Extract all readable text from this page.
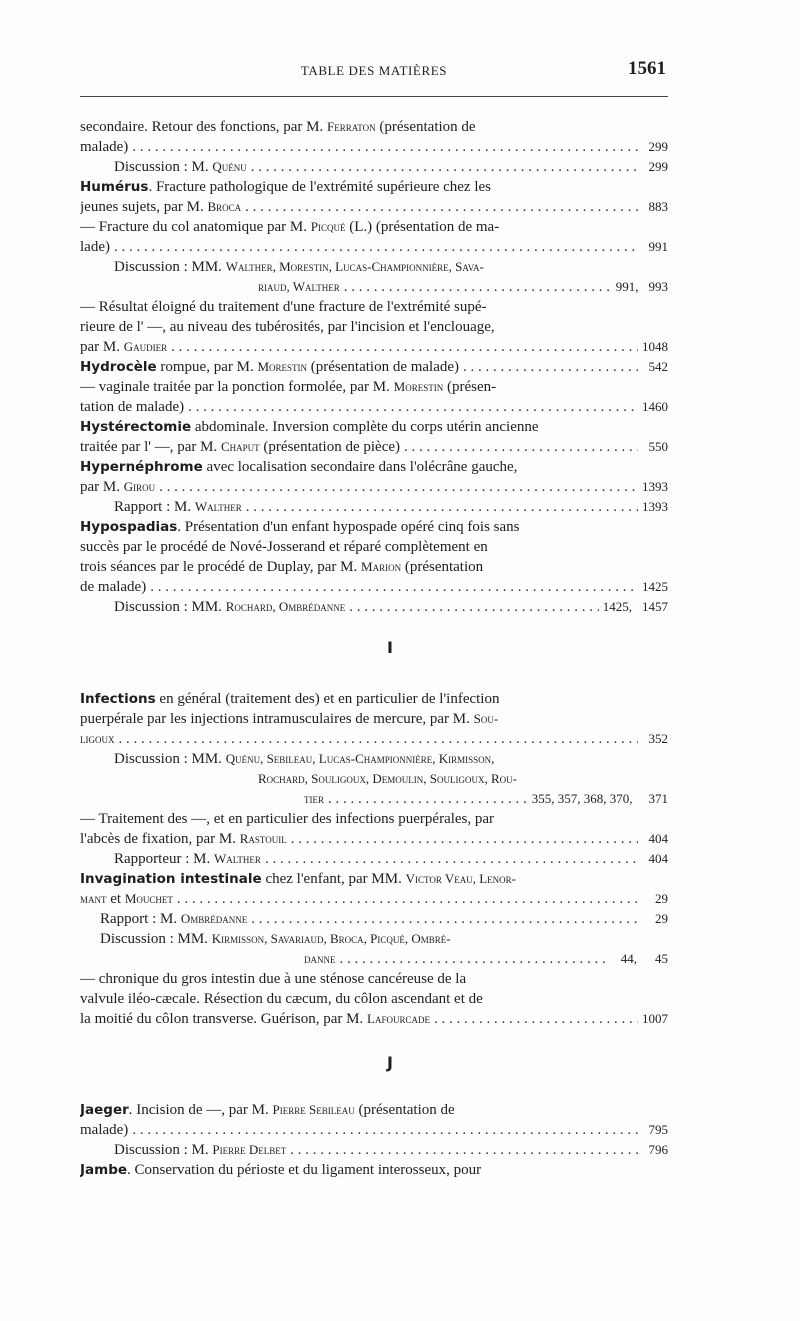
TABLE DES MATIÈRES	1561
secondaire. Retour des fonctions, par M. Ferraton (présentation de
malade) . . .	299
Discussion : M. Quénu . . .	299
Humérus. Fracture pathologique de l'extrémité supérieure chez les
jeunes sujets, par M. Broca . . .	883
— Fracture du col anatomique par M. Picqué (L.) (présentation de ma-
lade) . . .	991
Discussion : MM. Walther, Morestin, Lucas-Championnière, Sava-
riaud, Walther . . .	991, 993
— Résultat éloigné du traitement d'une fracture de l'extrémité supé-
rieure de l' —, au niveau des tubérosités, par l'incision et l'enclouage,
par M. Gaudier . . .	1048
Hydrocèle rompue, par M. Morestin (présentation de malade) . . .	542
— vaginale traitée par la ponction formolée, par M. Morestin (présen-
tation de malade) . . .	1460
Hystérectomie abdominale. Inversion complète du corps utérin ancienne
traitée par l' —, par M. Chaput (présentation de pièce) . . .	550
Hypernéphrome avec localisation secondaire dans l'olécrâne gauche,
par M. Girou . . .	1393
Rapport : M. Walther . . .	1393
Hypospadias. Présentation d'un enfant hypospade opéré cinq fois sans
succès par le procédé de Nové-Josserand et réparé complètement en
trois séances par le procédé de Duplay, par M. Marion (présentation
de malade) . . .	1425
Discussion : MM. Rochard, Ombrédanne . . .	1425, 1457
I
Infections en général (traitement des) et en particulier de l'infection
puerpérale par les injections intramusculaires de mercure, par M. Sou-
ligoux . . .	352
Discussion : MM. Quénu, Sebileau, Lucas-Championnière, Kirmisson,
Rochard, Souligoux, Demoulin, Souligoux, Rou-
tier . . .	355, 357, 368, 370, 371
— Traitement des —, et en particulier des infections puerpérales, par
l'abcès de fixation, par M. Rastouil . . .	404
Rapporteur : M. Walther . . .	404
Invagination intestinale chez l'enfant, par MM. Victor Veau, Lenor-
mant et Mouchet . . .	29
Rapport : M. Ombrédanne . . .	29
Discussion : MM. Kirmisson, Savariaud, Broca, Picqué, Ombré-
danne . . .	44, 45
— chronique du gros intestin due à une sténose cancéreuse de la
valvule iléo-cæcale. Résection du cæcum, du côlon ascendant et de
la moitié du côlon transverse. Guérison, par M. Lafourcade . . .	1007
J
Jaeger. Incision de —, par M. Pierre Sebileau (présentation de
malade) . . .	795
Discussion : M. Pierre Delbet . . .	796
Jambe. Conservation du périoste et du ligament interosseux, pour
